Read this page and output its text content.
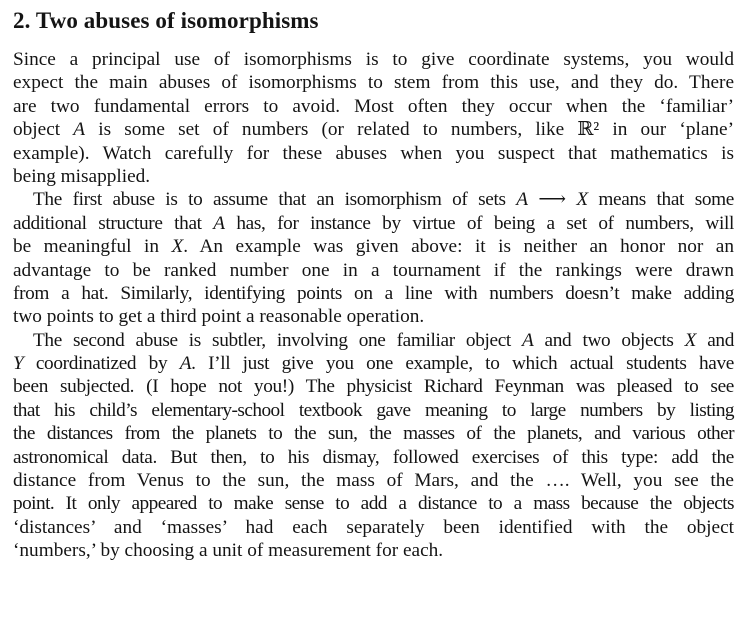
2. Two abuses of isomorphisms

Since a principal use of isomorphisms is to give coordinate systems, you would
expect the main abuses of isomorphisms to stem from this use, and they do. There
are two fundamental errors to avoid. Most often they occur when the ‘familiar’
object A is some set of numbers (or related to numbers, like ℝ² in our ‘plane’
example). Watch carefully for these abuses when you suspect that mathematics is
being misapplied.

The first abuse is to assume that an isomorphism of sets A ⟶ X means that some
additional structure that A has, for instance by virtue of being a set of numbers, will
be meaningful in X. An example was given above: it is neither an honor nor an
advantage to be ranked number one in a tournament if the rankings were drawn
from a hat. Similarly, identifying points on a line with numbers doesn’t make adding
two points to get a third point a reasonable operation.

The second abuse is subtler, involving one familiar object A and two objects X and
Y coordinatized by A. I’ll just give you one example, to which actual students have
been subjected. (I hope not you!) The physicist Richard Feynman was pleased to see
that his child’s elementary-school textbook gave meaning to large numbers by listing
the distances from the planets to the sun, the masses of the planets, and various other
astronomical data. But then, to his dismay, followed exercises of this type: add the
distance from Venus to the sun, the mass of Mars, and the …. Well, you see the
point. It only appeared to make sense to add a distance to a mass because the objects
‘distances’ and ‘masses’ had each separately been identified with the object
‘numbers,’ by choosing a unit of measurement for each.
